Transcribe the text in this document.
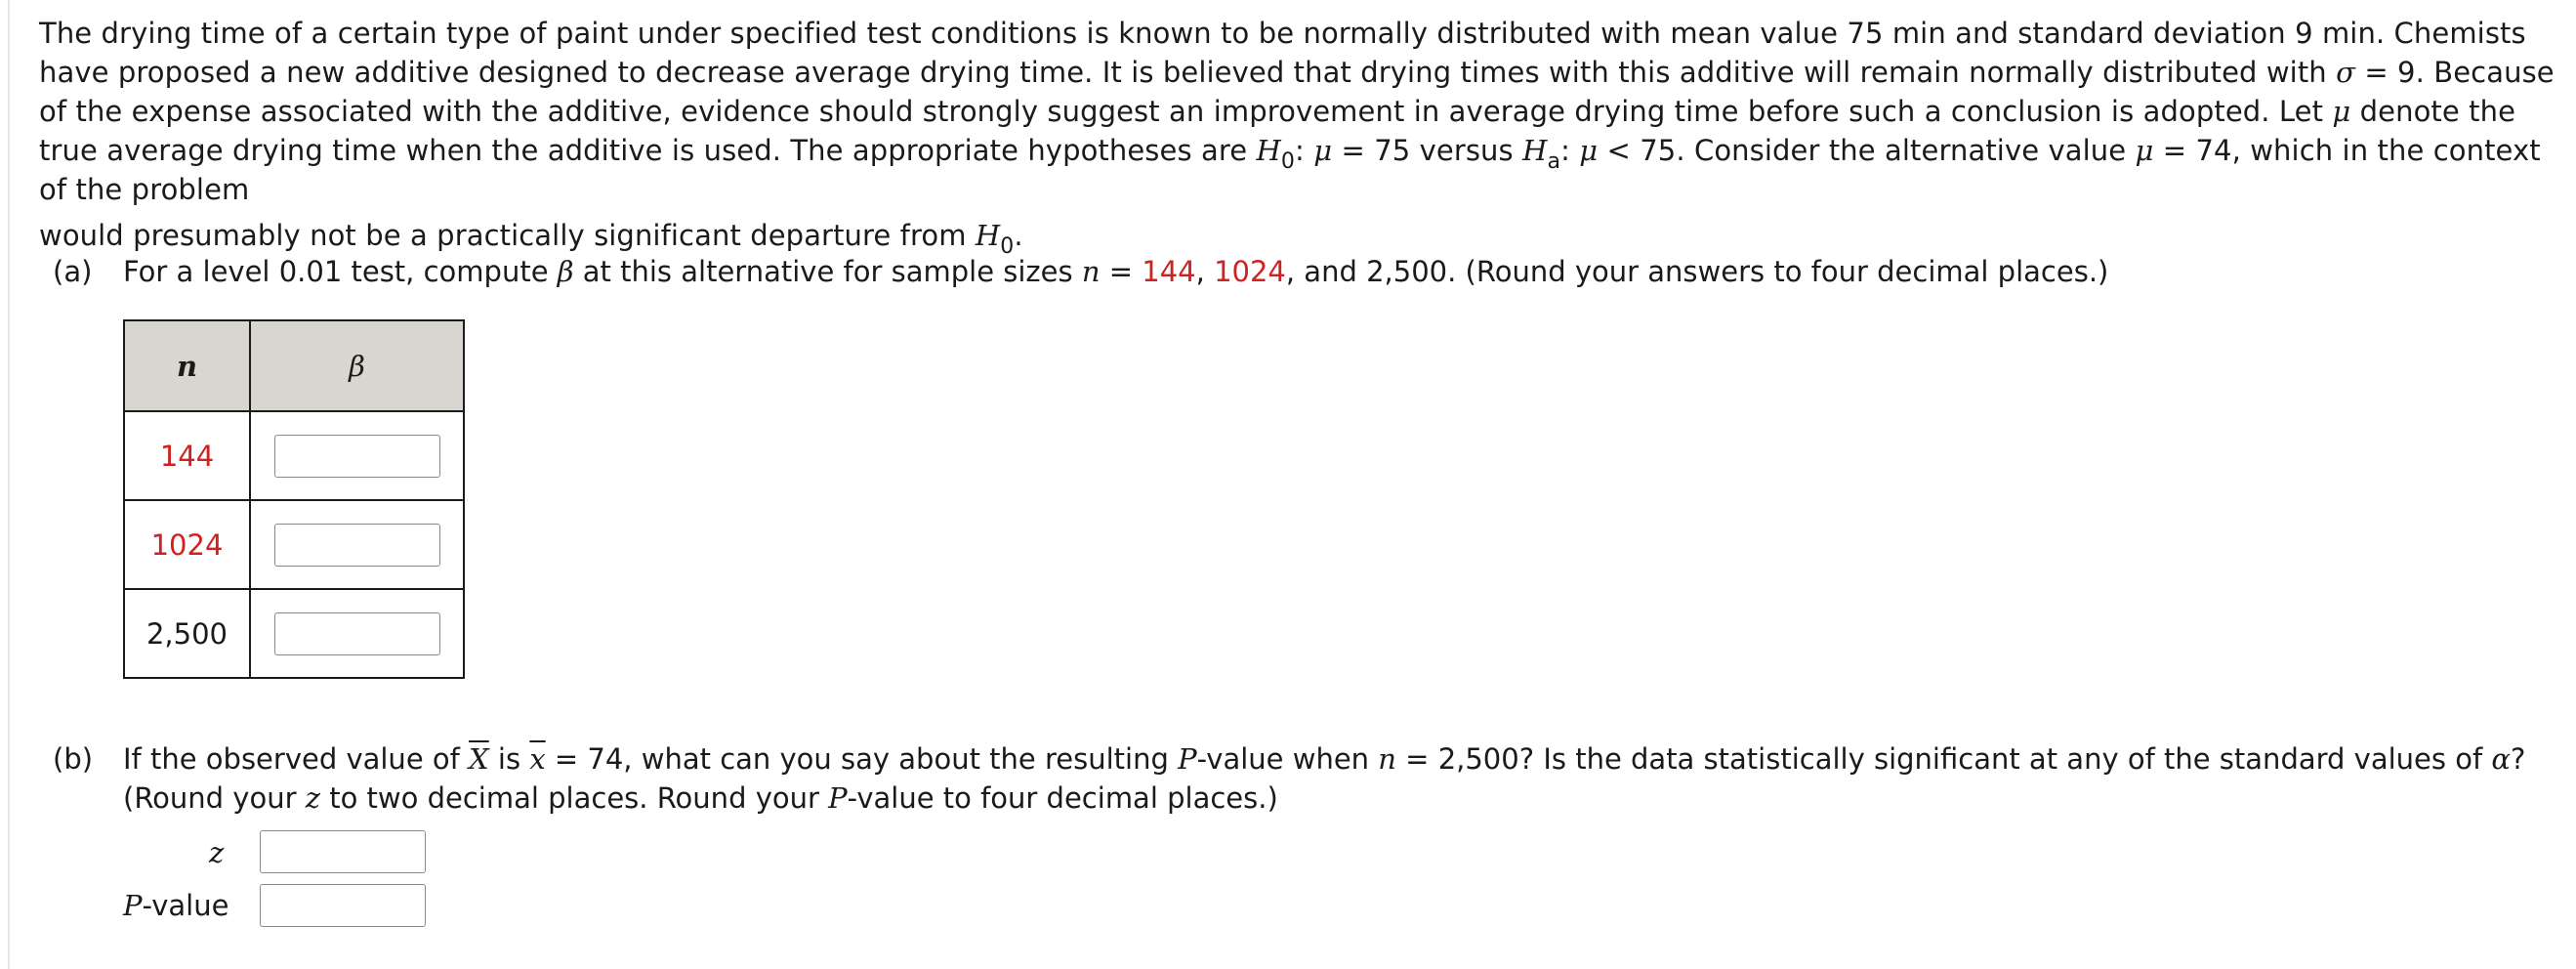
The drying time of a certain type of paint under specified test conditions is known to be normally distributed with mean value 75 min and standard deviation 9 min. Chemists have proposed a new additive designed to decrease average drying time. It is believed that drying times with this additive will remain normally distributed with σ = 9. Because of the expense associated with the additive, evidence should strongly suggest an improvement in average drying time before such a conclusion is adopted. Let μ denote the true average drying time when the additive is used. The appropriate hypotheses are $H_0$: μ = 75 versus $H_a$: μ < 75. Consider the alternative value μ = 74, which in the context of the problem

would presumably not be a practically significant departure from $H_0$.

(a) For a level 0.01 test, compute β at this alternative for sample sizes n = 144, 1024, and 2,500. (Round your answers to four decimal places.)
n	β
144	
1024	
2,500	
(b) If the observed value of $\overline{X}$ is $\overline{x} = 74$, what can you say about the resulting P-value when n = 2,500? Is the data statistically significant at any of the standard values of α?
(Round your z to two decimal places. Round your P-value to four decimal places.)
z
P-value
